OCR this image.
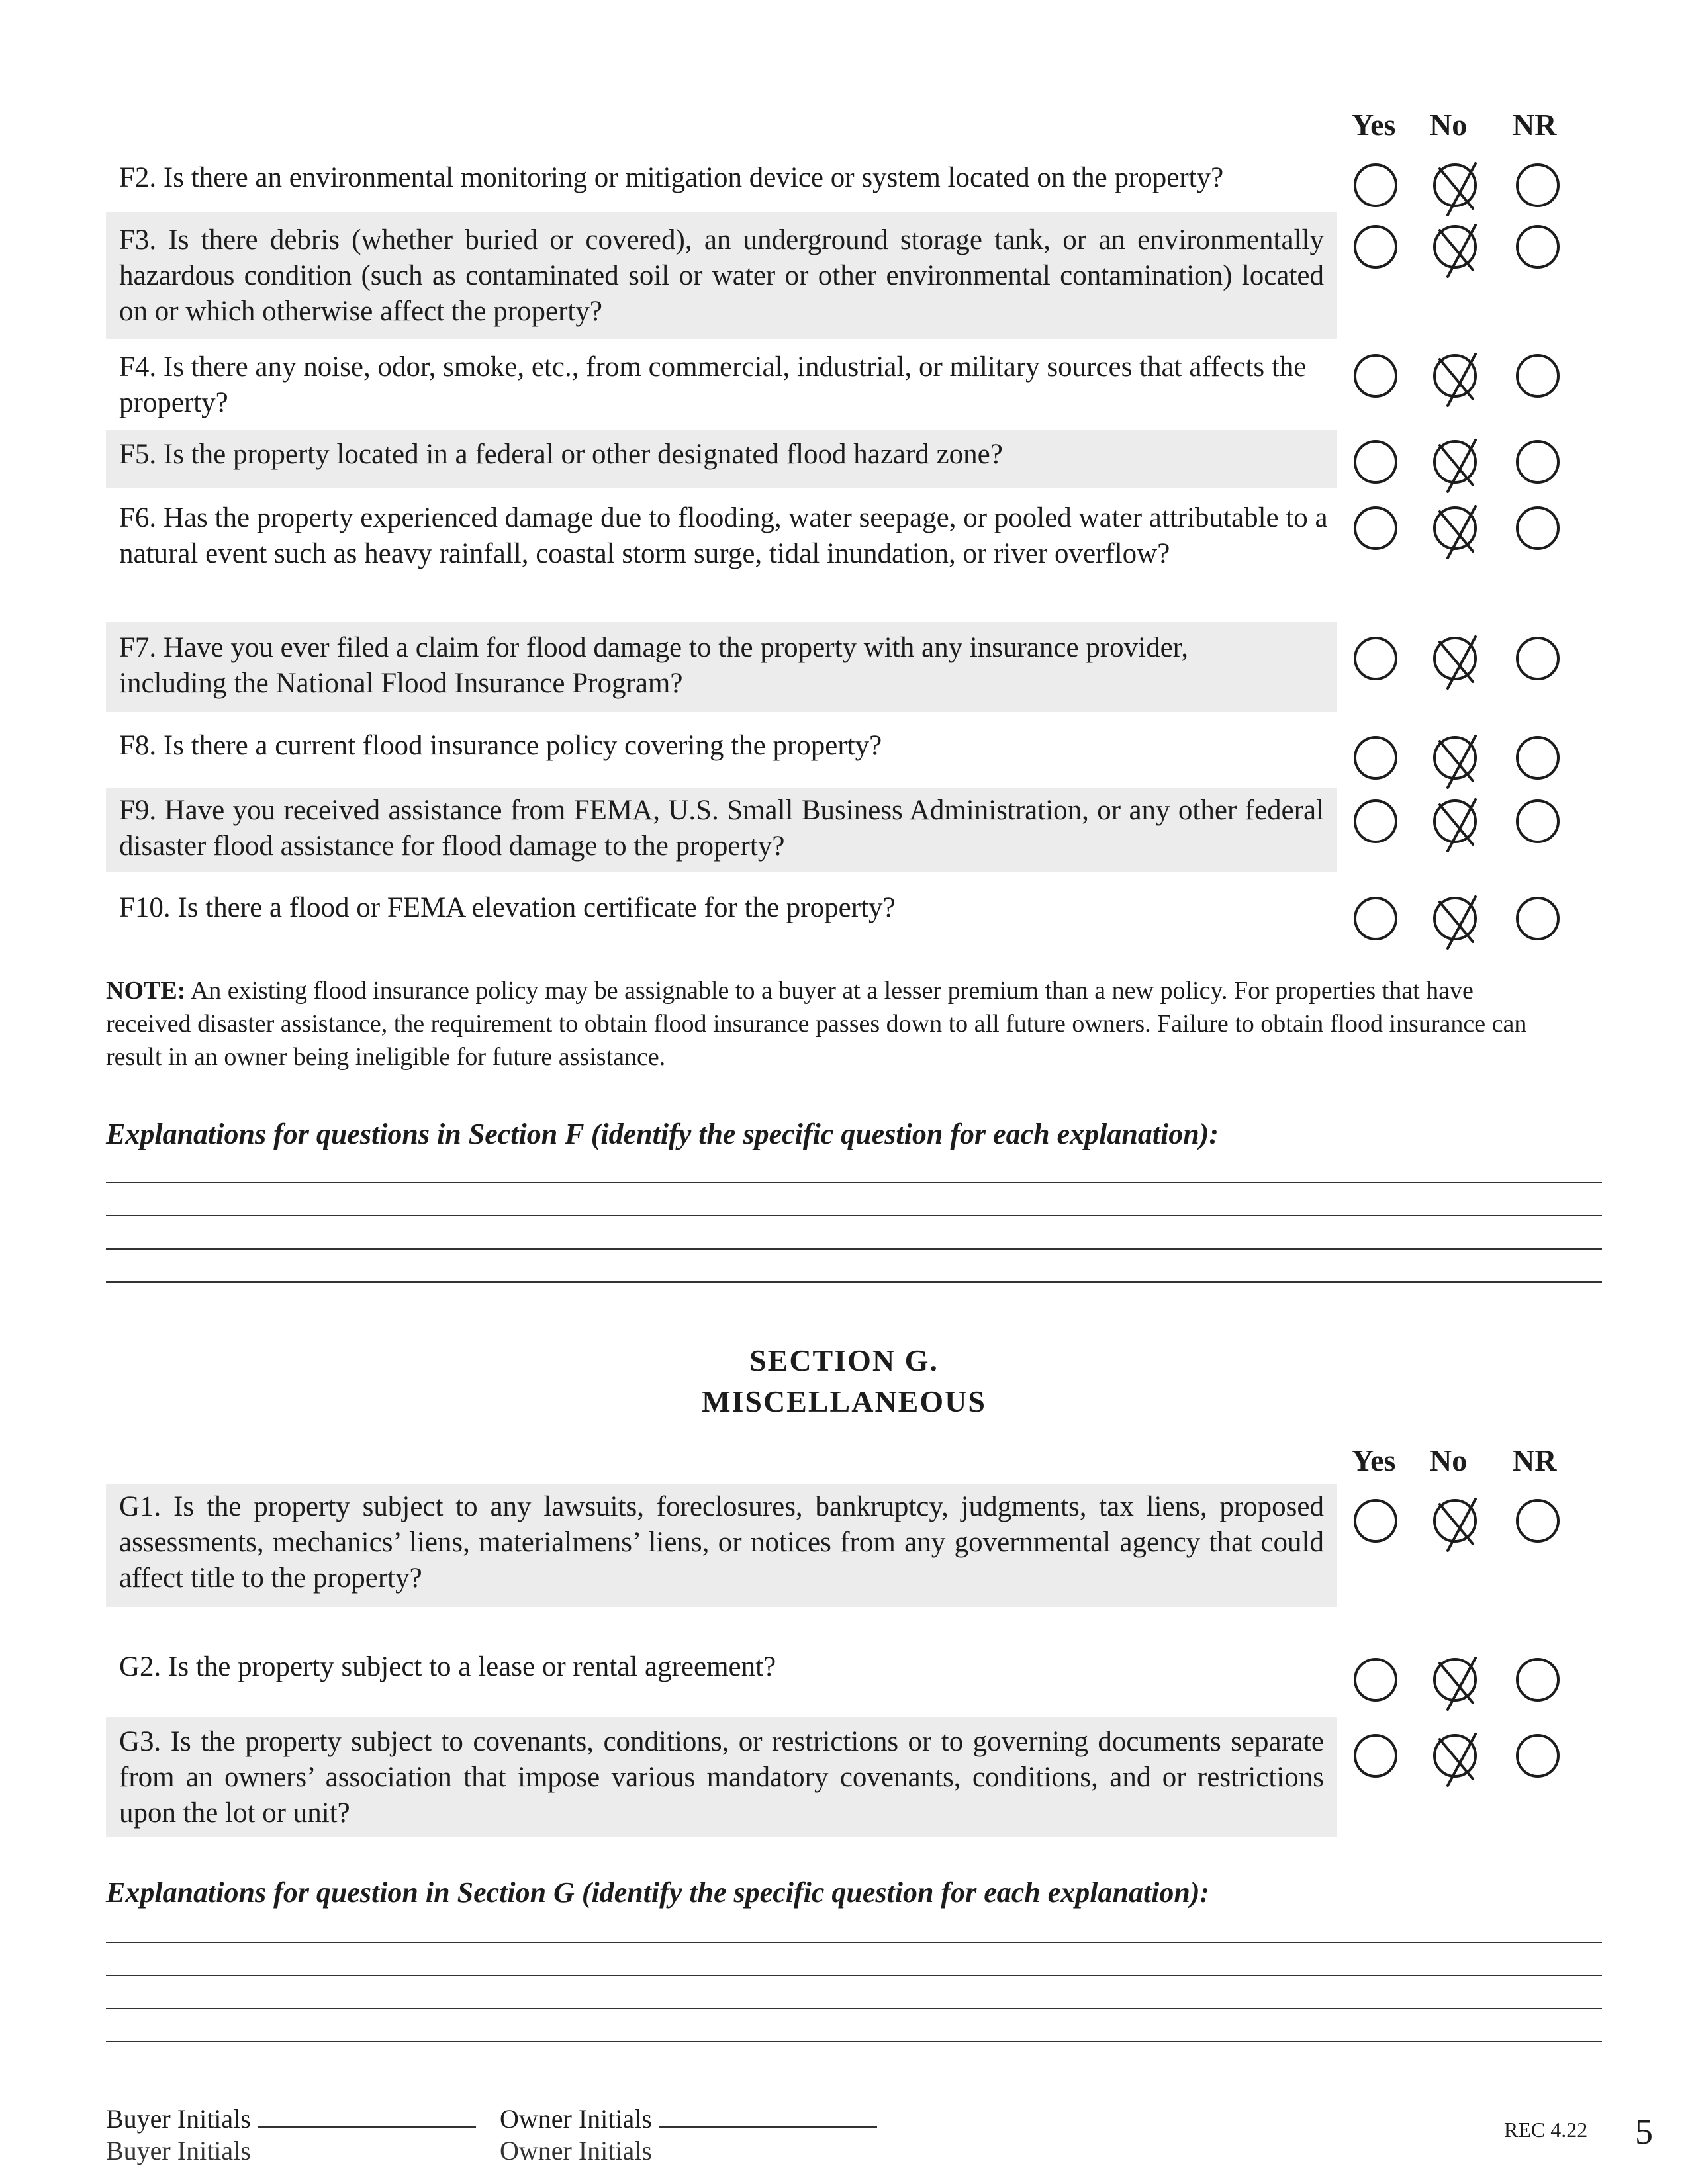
Yes No NR
F2. Is there an environmental monitoring or mitigation device or system located on the property?
F3. Is there debris (whether buried or covered), an underground storage tank, or an environmentally hazardous condition (such as contaminated soil or water or other environmental contamination) located on or which otherwise affect the property?
F4. Is there any noise, odor, smoke, etc., from commercial, industrial, or military sources that affects the property?
F5. Is the property located in a federal or other designated flood hazard zone?
F6. Has the property experienced damage due to flooding, water seepage, or pooled water attributable to a natural event such as heavy rainfall, coastal storm surge, tidal inundation, or river overflow?
F7. Have you ever filed a claim for flood damage to the property with any insurance provider, including the National Flood Insurance Program?
F8. Is there a current flood insurance policy covering the property?
F9. Have you received assistance from FEMA, U.S. Small Business Administration, or any other federal disaster flood assistance for flood damage to the property?
F10. Is there a flood or FEMA elevation certificate for the property?
NOTE: An existing flood insurance policy may be assignable to a buyer at a lesser premium than a new policy. For properties that have received disaster assistance, the requirement to obtain flood insurance passes down to all future owners. Failure to obtain flood insurance can result in an owner being ineligible for future assistance.
Explanations for questions in Section F (identify the specific question for each explanation):
SECTION G.
MISCELLANEOUS
Yes No NR
G1. Is the property subject to any lawsuits, foreclosures, bankruptcy, judgments, tax liens, proposed assessments, mechanics’ liens, materialmens’ liens, or notices from any governmental agency that could affect title to the property?
G2. Is the property subject to a lease or rental agreement?
G3. Is the property subject to covenants, conditions, or restrictions or to governing documents separate from an owners’ association that impose various mandatory covenants, conditions, and or restrictions upon the lot or unit?
Explanations for question in Section G (identify the specific question for each explanation):
Buyer Initials	Owner Initials
Buyer Initials	Owner Initials
REC 4.22 5
